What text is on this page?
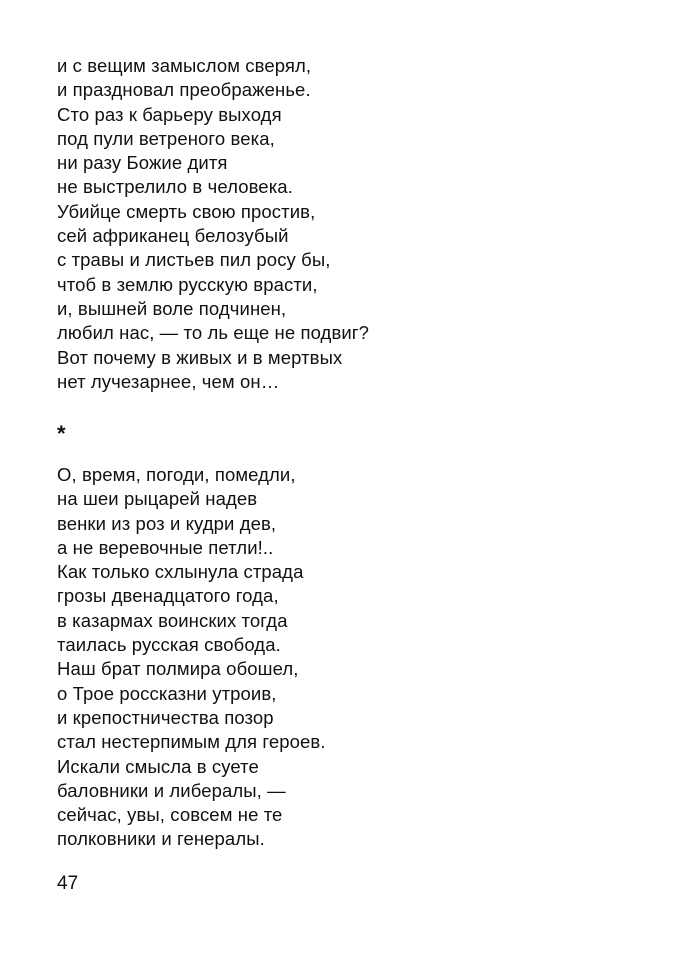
и с вещим замыслом сверял,
и праздновал преображенье.
Сто раз к барьеру выходя
под пули ветреного века,
ни разу Божие дитя
не выстрелило в человека.
Убийце смерть свою простив,
сей африканец белозубый
с травы и листьев пил росу бы,
чтоб в землю русскую врасти,
и, вышней воле подчинен,
любил нас, — то ль еще не подвиг?
Вот почему в живых и в мертвых
нет лучезарнее, чем он…
*
О, время, погоди, помедли,
на шеи рыцарей надев
венки из роз и кудри дев,
а не веревочные петли!..
Как только схлынула страда
грозы двенадцатого года,
в казармах воинских тогда
таилась русская свобода.
Наш брат полмира обошел,
о Трое россказни утроив,
и крепостничества позор
стал нестерпимым для героев.
Искали смысла в суете
баловники и либералы, —
сейчас, увы, совсем не те
полковники и генералы.
47
